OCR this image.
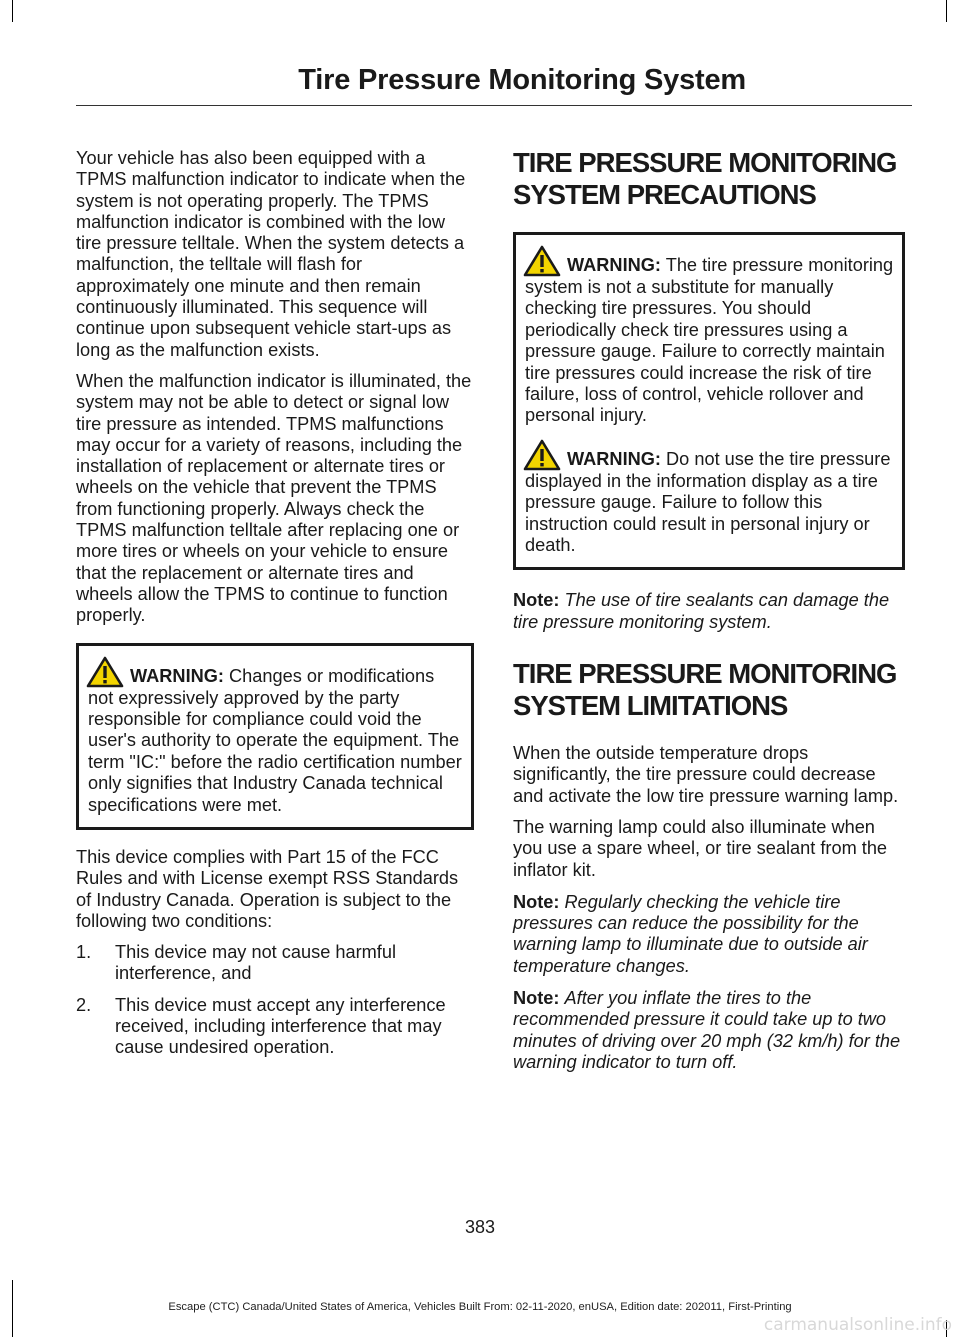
Tire Pressure Monitoring System

Your vehicle has also been equipped with a TPMS malfunction indicator to indicate when the system is not operating properly. The TPMS malfunction indicator is combined with the low tire pressure telltale. When the system detects a malfunction, the telltale will flash for approximately one minute and then remain continuously illuminated. This sequence will continue upon subsequent vehicle start-ups as long as the malfunction exists.

When the malfunction indicator is illuminated, the system may not be able to detect or signal low tire pressure as intended. TPMS malfunctions may occur for a variety of reasons, including the installation of replacement or alternate tires or wheels on the vehicle that prevent the TPMS from functioning properly. Always check the TPMS malfunction telltale after replacing one or more tires or wheels on your vehicle to ensure that the replacement or alternate tires and wheels allow the TPMS to continue to function properly.

WARNING: Changes or modifications not expressively approved by the party responsible for compliance could void the user's authority to operate the equipment. The term "IC:" before the radio certification number only signifies that Industry Canada technical specifications were met.

This device complies with Part 15 of the FCC Rules and with License exempt RSS Standards of Industry Canada. Operation is subject to the following two conditions:

1.	This device may not cause harmful interference, and
2.	This device must accept any interference received, including interference that may cause undesired operation.
TIRE PRESSURE MONITORING
SYSTEM PRECAUTIONS

WARNING: The tire pressure monitoring system is not a substitute for manually checking tire pressures. You should periodically check tire pressures using a pressure gauge. Failure to correctly maintain tire pressures could increase the risk of tire failure, loss of control, vehicle rollover and personal injury.

WARNING: Do not use the tire pressure displayed in the information display as a tire pressure gauge. Failure to follow this instruction could result in personal injury or death.

Note: The use of tire sealants can damage the tire pressure monitoring system.

TIRE PRESSURE MONITORING
SYSTEM LIMITATIONS

When the outside temperature drops significantly, the tire pressure could decrease and activate the low tire pressure warning lamp.

The warning lamp could also illuminate when you use a spare wheel, or tire sealant from the inflator kit.

Note: Regularly checking the vehicle tire pressures can reduce the possibility for the warning lamp to illuminate due to outside air temperature changes.

Note: After you inflate the tires to the recommended pressure it could take up to two minutes of driving over 20 mph (32 km/h) for the warning indicator to turn off.

383
Escape (CTC) Canada/United States of America, Vehicles Built From: 02-11-2020, enUSA, Edition date: 202011, First-Printing
carmanualsonline.info
